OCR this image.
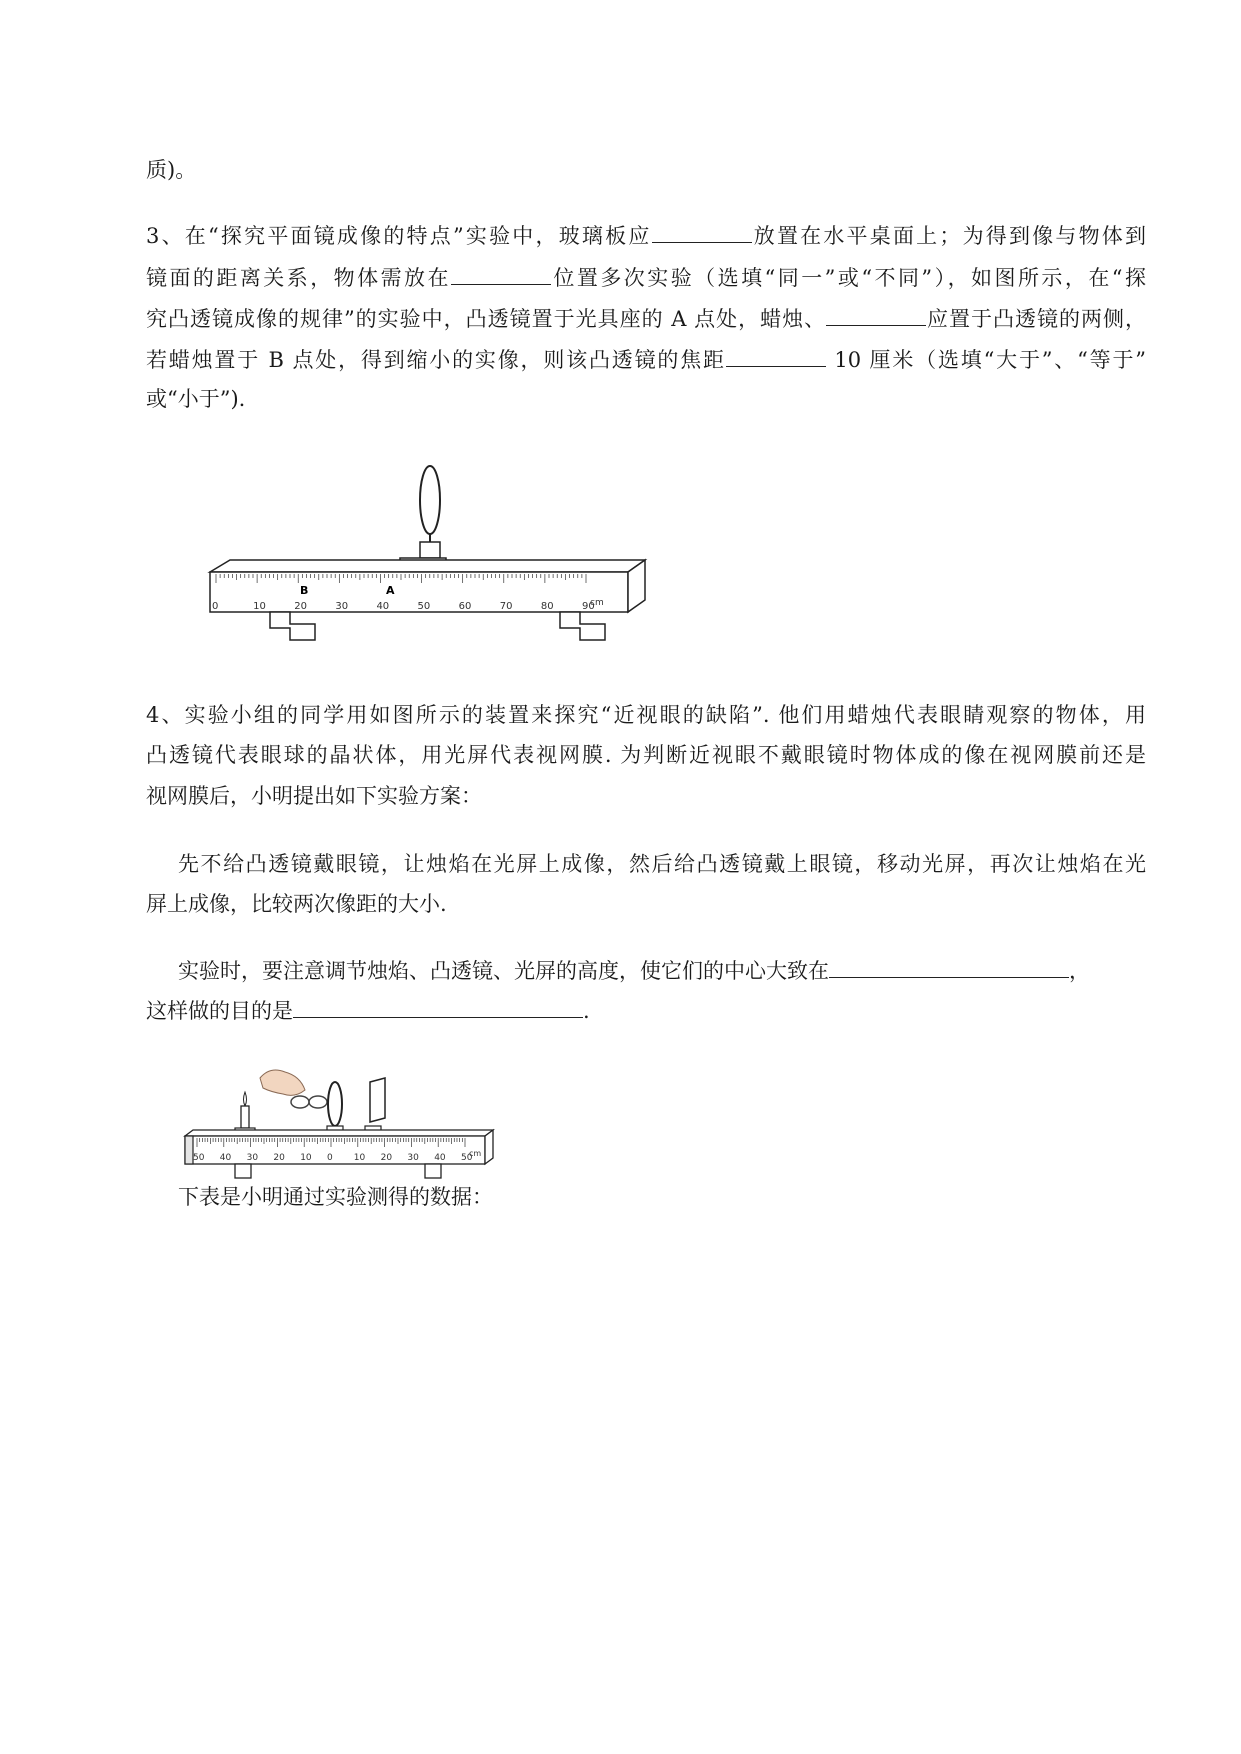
质)。
3、在“探究平面镜成像的特点”实验中，玻璃板应	放置在水平桌面上；为得到像与物体到
镜面的距离关系，物体需放在	位置多次实验（选填“同一”或“不同”），如图所示，在“探
究凸透镜成像的规律”的实验中，凸透镜置于光具座的 A 点处，蜡烛、	应置于凸透镜的两侧，
若蜡烛置于 B 点处，得到缩小的实像，则该凸透镜的焦距	10 厘米（选填“大于”、“等于”
或“小于”).
0	10	20	30	40	50	60	70	80	90
cm
B	A
4、实验小组的同学用如图所示的装置来探究“近视眼的缺陷”. 他们用蜡烛代表眼睛观察的物体，用
凸透镜代表眼球的晶状体，用光屏代表视网膜. 为判断近视眼不戴眼镜时物体成的像在视网膜前还是
视网膜后，小明提出如下实验方案：
先不给凸透镜戴眼镜，让烛焰在光屏上成像，然后给凸透镜戴上眼镜，移动光屏，再次让烛焰在光
屏上成像，比较两次像距的大小.
实验时，要注意调节烛焰、凸透镜、光屏的高度，使它们的中心大致在	，
这样做的目的是	.
50 40 30 20 10 0 10 20 30 40 50
cm
下表是小明通过实验测得的数据：
